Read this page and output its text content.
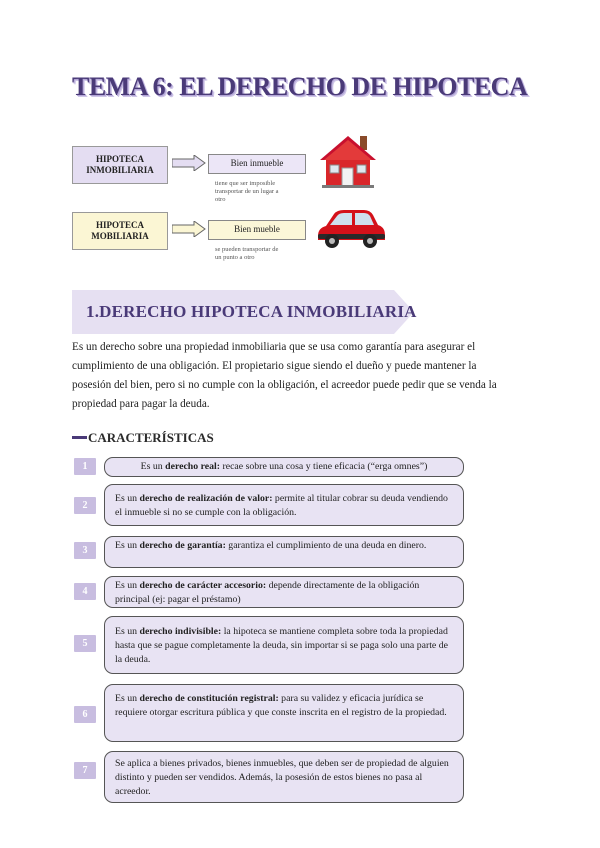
TEMA 6: EL DERECHO DE HIPOTECA
HIPOTECA INMOBILIARIA
Bien inmueble
tiene que ser imposible transportar de un lugar a otro
HIPOTECA MOBILIARIA
Bien mueble
se pueden transportar de un punto a otro
1.DERECHO HIPOTECA INMOBILIARIA
Es un derecho sobre una propiedad inmobiliaria que se usa como garantía para asegurar el cumplimiento de una obligación. El propietario sigue siendo el dueño y puede mantener la posesión del bien, pero si no cumple con la obligación, el acreedor puede pedir que se venda la propiedad para pagar la deuda.
CARACTERÍSTICAS
1	Es un derecho real: recae sobre una cosa y tiene eficacia (“erga omnes”)
2
Es un derecho de realización de valor: permite al titular cobrar su deuda vendiendo el inmueble si no se cumple con la obligación.
3	Es un derecho de garantía: garantiza el cumplimiento de una deuda en dinero.
4
Es un derecho de carácter accesorio: depende directamente de la obligación principal (ej: pagar el préstamo)
5
Es un derecho indivisible: la hipoteca se mantiene completa sobre toda la propiedad hasta que se pague completamente la deuda, sin importar si se paga solo una parte de la deuda.
6
Es un derecho de constitución registral: para su validez y eficacia jurídica se requiere otorgar escritura pública y que conste inscrita en el registro de la propiedad.
7
Se aplica a bienes privados, bienes inmuebles, que deben ser de propiedad de alguien distinto y pueden ser vendidos. Además, la posesión de estos bienes no pasa al acreedor.
